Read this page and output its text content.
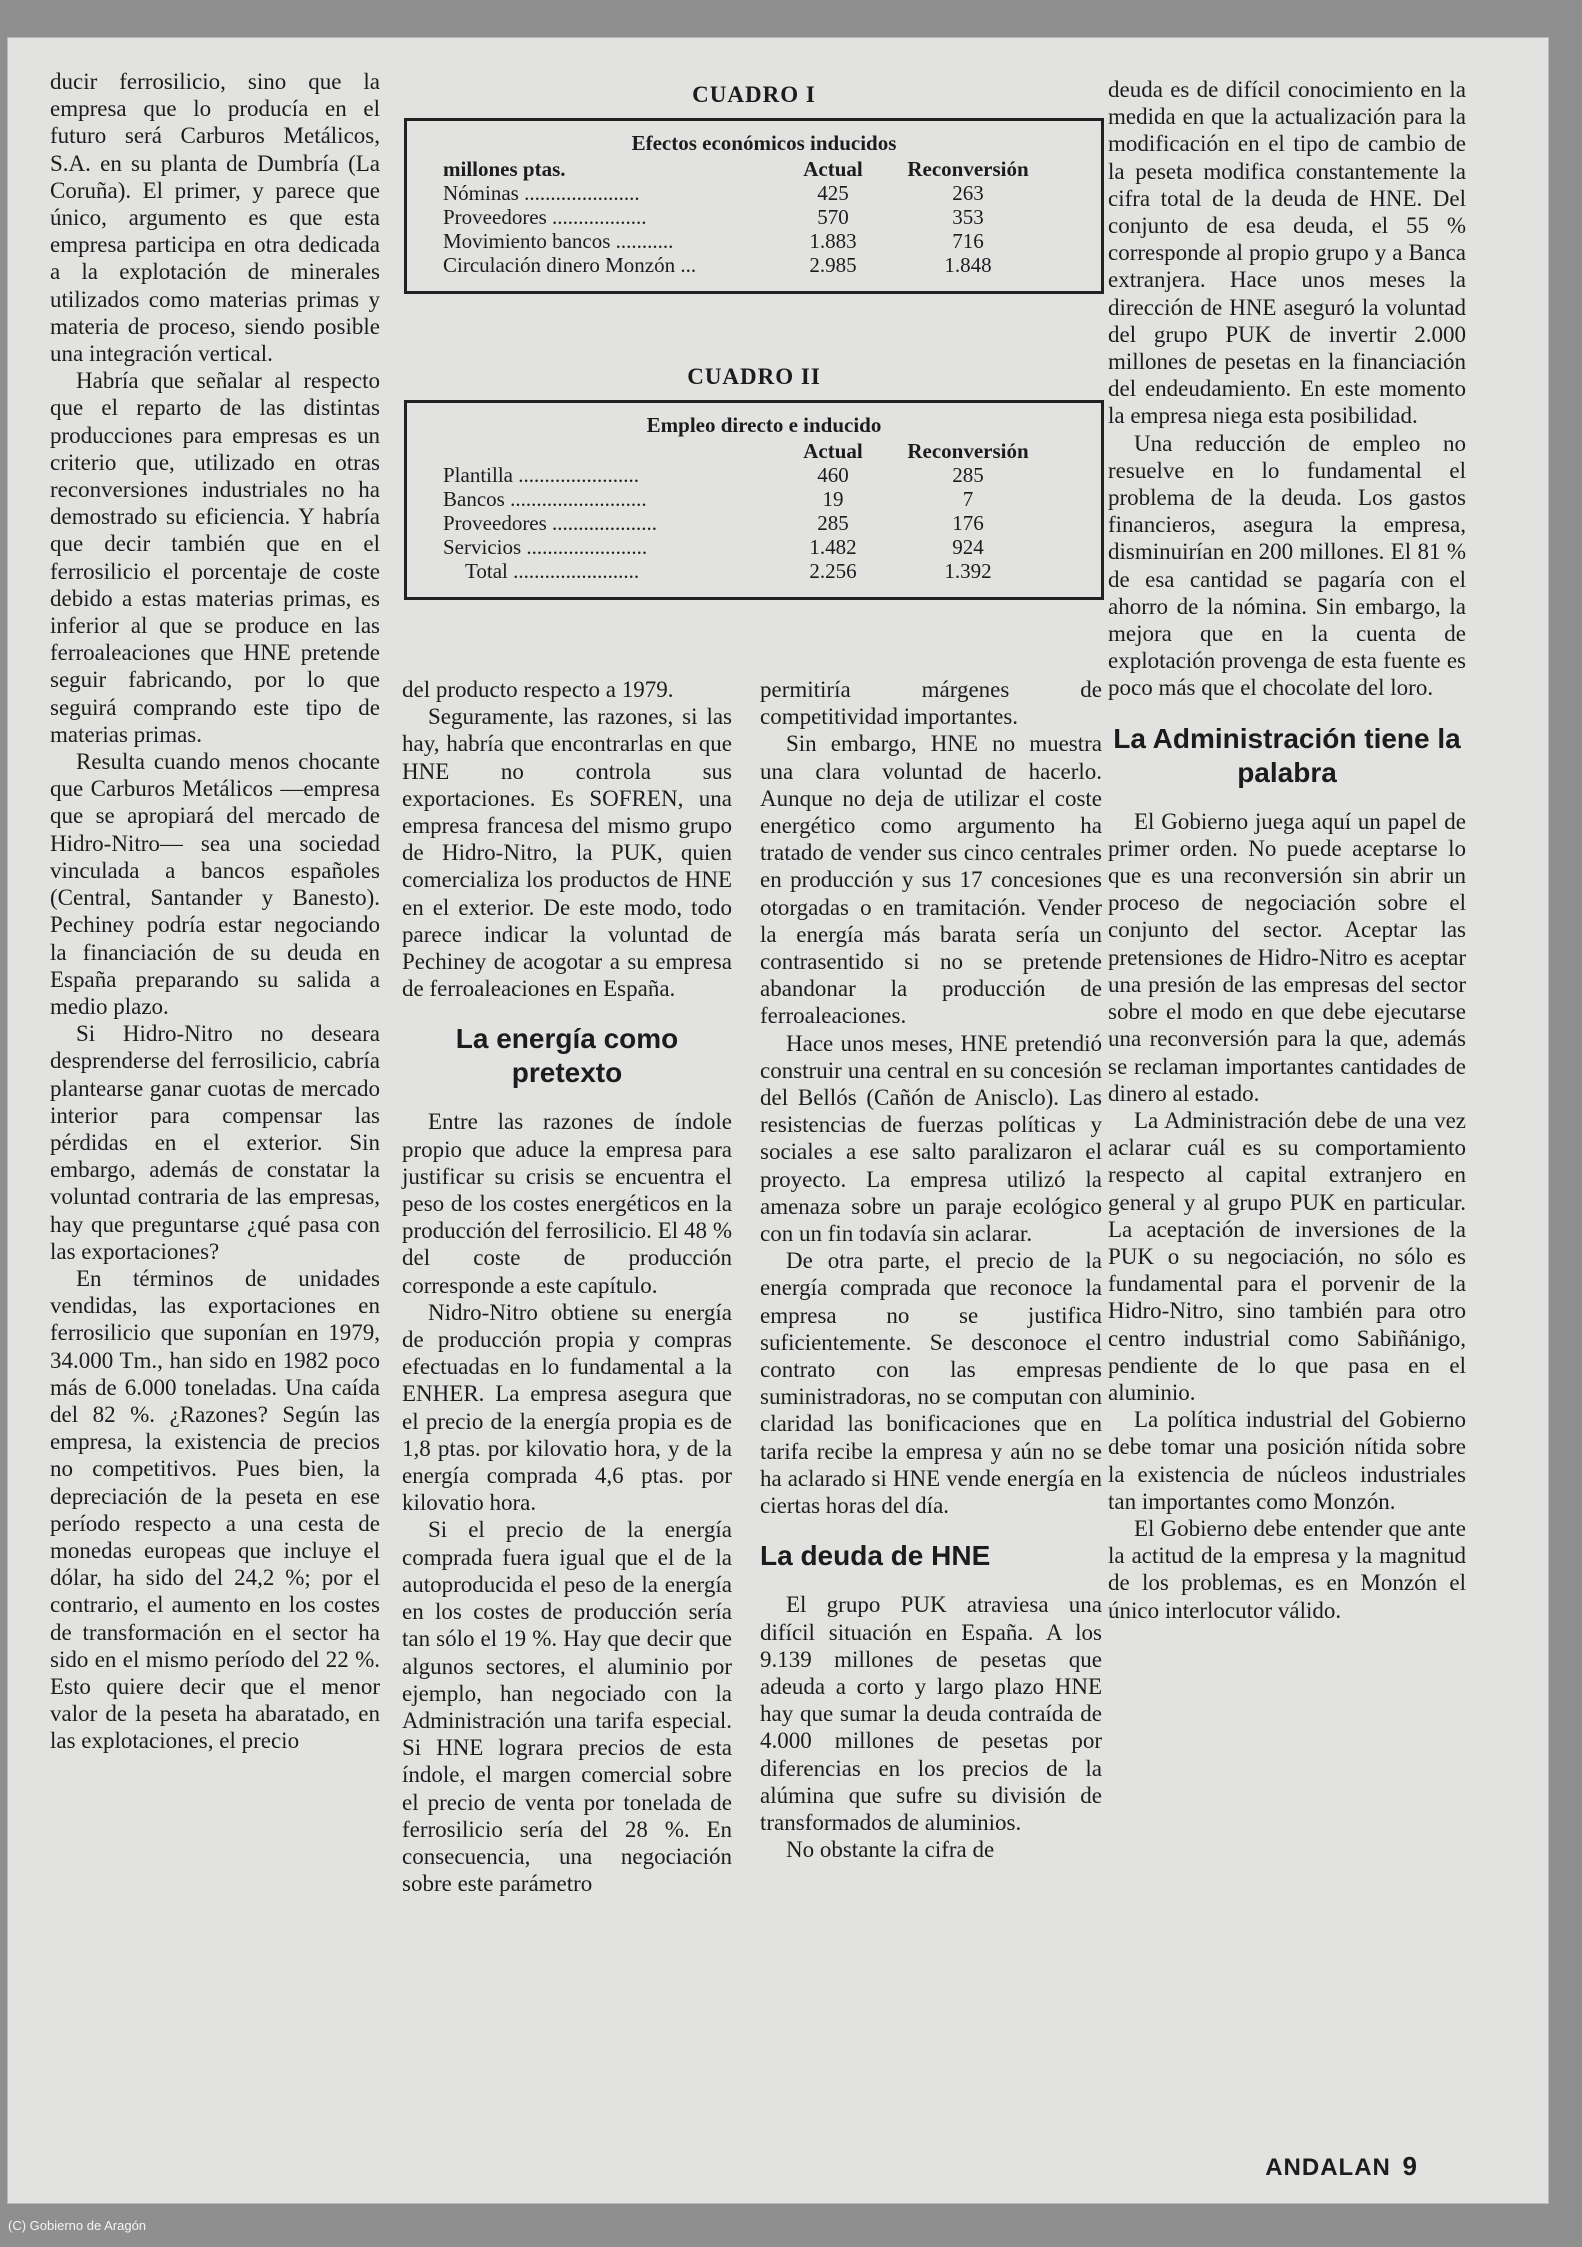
ducir ferrosilicio, sino que la empresa que lo producía en el futuro será Carburos Metálicos, S.A. en su planta de Dumbría (La Coruña). El primer, y parece que único, argumento es que esta empresa participa en otra dedicada a la explotación de minerales utilizados como materias primas y materia de proceso, siendo posible una integración vertical.

Habría que señalar al respecto que el reparto de las distintas producciones para empresas es un criterio que, utilizado en otras reconversiones industriales no ha demostrado su eficiencia. Y habría que decir también que en el ferrosilicio el porcentaje de coste debido a estas materias primas, es inferior al que se produce en las ferroaleaciones que HNE pretende seguir fabricando, por lo que seguirá comprando este tipo de materias primas.

Resulta cuando menos chocante que Carburos Metálicos —empresa que se apropiará del mercado de Hidro-Nitro— sea una sociedad vinculada a bancos españoles (Central, Santander y Banesto). Pechiney podría estar negociando la financiación de su deuda en España preparando su salida a medio plazo.

Si Hidro-Nitro no deseara desprenderse del ferrosilicio, cabría plantearse ganar cuotas de mercado interior para compensar las pérdidas en el exterior. Sin embargo, además de constatar la voluntad contraria de las empresas, hay que preguntarse ¿qué pasa con las exportaciones?

En términos de unidades vendidas, las exportaciones en ferrosilicio que suponían en 1979, 34.000 Tm., han sido en 1982 poco más de 6.000 toneladas. Una caída del 82 %. ¿Razones? Según las empresa, la existencia de precios no competitivos. Pues bien, la depreciación de la peseta en ese período respecto a una cesta de monedas europeas que incluye el dólar, ha sido del 24,2 %; por el contrario, el aumento en los costes de transformación en el sector ha sido en el mismo período del 22 %. Esto quiere decir que el menor valor de la peseta ha abaratado, en las explotaciones, el precio

CUADRO I
Efectos económicos inducidos
millones ptas.	Actual	Reconversión
Nóminas ......................	425	263
Proveedores ..................	570	353
Movimiento bancos ...........	1.883	716
Circulación dinero Monzón ...	2.985	1.848
CUADRO II
Empleo directo e inducido
Actual	Reconversión
Plantilla .......................	460	285
Bancos ..........................	19	7
Proveedores ....................	285	176
Servicios .......................	1.482	924
Total ........................	2.256	1.392

del producto respecto a 1979.

Seguramente, las razones, si las hay, habría que encontrarlas en que HNE no controla sus exportaciones. Es SOFREN, una empresa francesa del mismo grupo de Hidro-Nitro, la PUK, quien comercializa los productos de HNE en el exterior. De este modo, todo parece indicar la voluntad de Pechiney de acogotar a su empresa de ferroaleaciones en España.

La energía como pretexto

Entre las razones de índole propio que aduce la empresa para justificar su crisis se encuentra el peso de los costes energéticos en la producción del ferrosilicio. El 48 % del coste de producción corresponde a este capítulo.

Nidro-Nitro obtiene su energía de producción propia y compras efectuadas en lo fundamental a la ENHER. La empresa asegura que el precio de la energía propia es de 1,8 ptas. por kilovatio hora, y de la energía comprada 4,6 ptas. por kilovatio hora.

Si el precio de la energía comprada fuera igual que el de la autoproducida el peso de la energía en los costes de producción sería tan sólo el 19 %. Hay que decir que algunos sectores, el aluminio por ejemplo, han negociado con la Administración una tarifa especial. Si HNE lograra precios de esta índole, el margen comercial sobre el precio de venta por tonelada de ferrosilicio sería del 28 %. En consecuencia, una negociación sobre este parámetro

permitiría márgenes de competitividad importantes.

Sin embargo, HNE no muestra una clara voluntad de hacerlo. Aunque no deja de utilizar el coste energético como argumento ha tratado de vender sus cinco centrales en producción y sus 17 concesiones otorgadas o en tramitación. Vender la energía más barata sería un contrasentido si no se pretende abandonar la producción de ferroaleaciones.

Hace unos meses, HNE pretendió construir una central en su concesión del Bellós (Cañón de Anisclo). Las resistencias de fuerzas políticas y sociales a ese salto paralizaron el proyecto. La empresa utilizó la amenaza sobre un paraje ecológico con un fin todavía sin aclarar.

De otra parte, el precio de la energía comprada que reconoce la empresa no se justifica suficientemente. Se desconoce el contrato con las empresas suministradoras, no se computan con claridad las bonificaciones que en tarifa recibe la empresa y aún no se ha aclarado si HNE vende energía en ciertas horas del día.

La deuda de HNE

El grupo PUK atraviesa una difícil situación en España. A los 9.139 millones de pesetas que adeuda a corto y largo plazo HNE hay que sumar la deuda contraída de 4.000 millones de pesetas por diferencias en los precios de la alúmina que sufre su división de transformados de aluminios.

No obstante la cifra de

deuda es de difícil conocimiento en la medida en que la actualización para la modificación en el tipo de cambio de la peseta modifica constantemente la cifra total de la deuda de HNE. Del conjunto de esa deuda, el 55 % corresponde al propio grupo y a Banca extranjera. Hace unos meses la dirección de HNE aseguró la voluntad del grupo PUK de invertir 2.000 millones de pesetas en la financiación del endeudamiento. En este momento la empresa niega esta posibilidad.

Una reducción de empleo no resuelve en lo fundamental el problema de la deuda. Los gastos financieros, asegura la empresa, disminuirían en 200 millones. El 81 % de esa cantidad se pagaría con el ahorro de la nómina. Sin embargo, la mejora que en la cuenta de explotación provenga de esta fuente es poco más que el chocolate del loro.

La Administración tiene la palabra

El Gobierno juega aquí un papel de primer orden. No puede aceptarse lo que es una reconversión sin abrir un proceso de negociación sobre el conjunto del sector. Aceptar las pretensiones de Hidro-Nitro es aceptar una presión de las empresas del sector sobre el modo en que debe ejecutarse una reconversión para la que, además se reclaman importantes cantidades de dinero al estado.

La Administración debe de una vez aclarar cuál es su comportamiento respecto al capital extranjero en general y al grupo PUK en particular. La aceptación de inversiones de la PUK o su negociación, no sólo es fundamental para el porvenir de la Hidro-Nitro, sino también para otro centro industrial como Sabiñánigo, pendiente de lo que pasa en el aluminio.

La política industrial del Gobierno debe tomar una posición nítida sobre la existencia de núcleos industriales tan importantes como Monzón.

El Gobierno debe entender que ante la actitud de la empresa y la magnitud de los problemas, es en Monzón el único interlocutor válido.

ANDALAN 9
(C) Gobierno de Aragón
